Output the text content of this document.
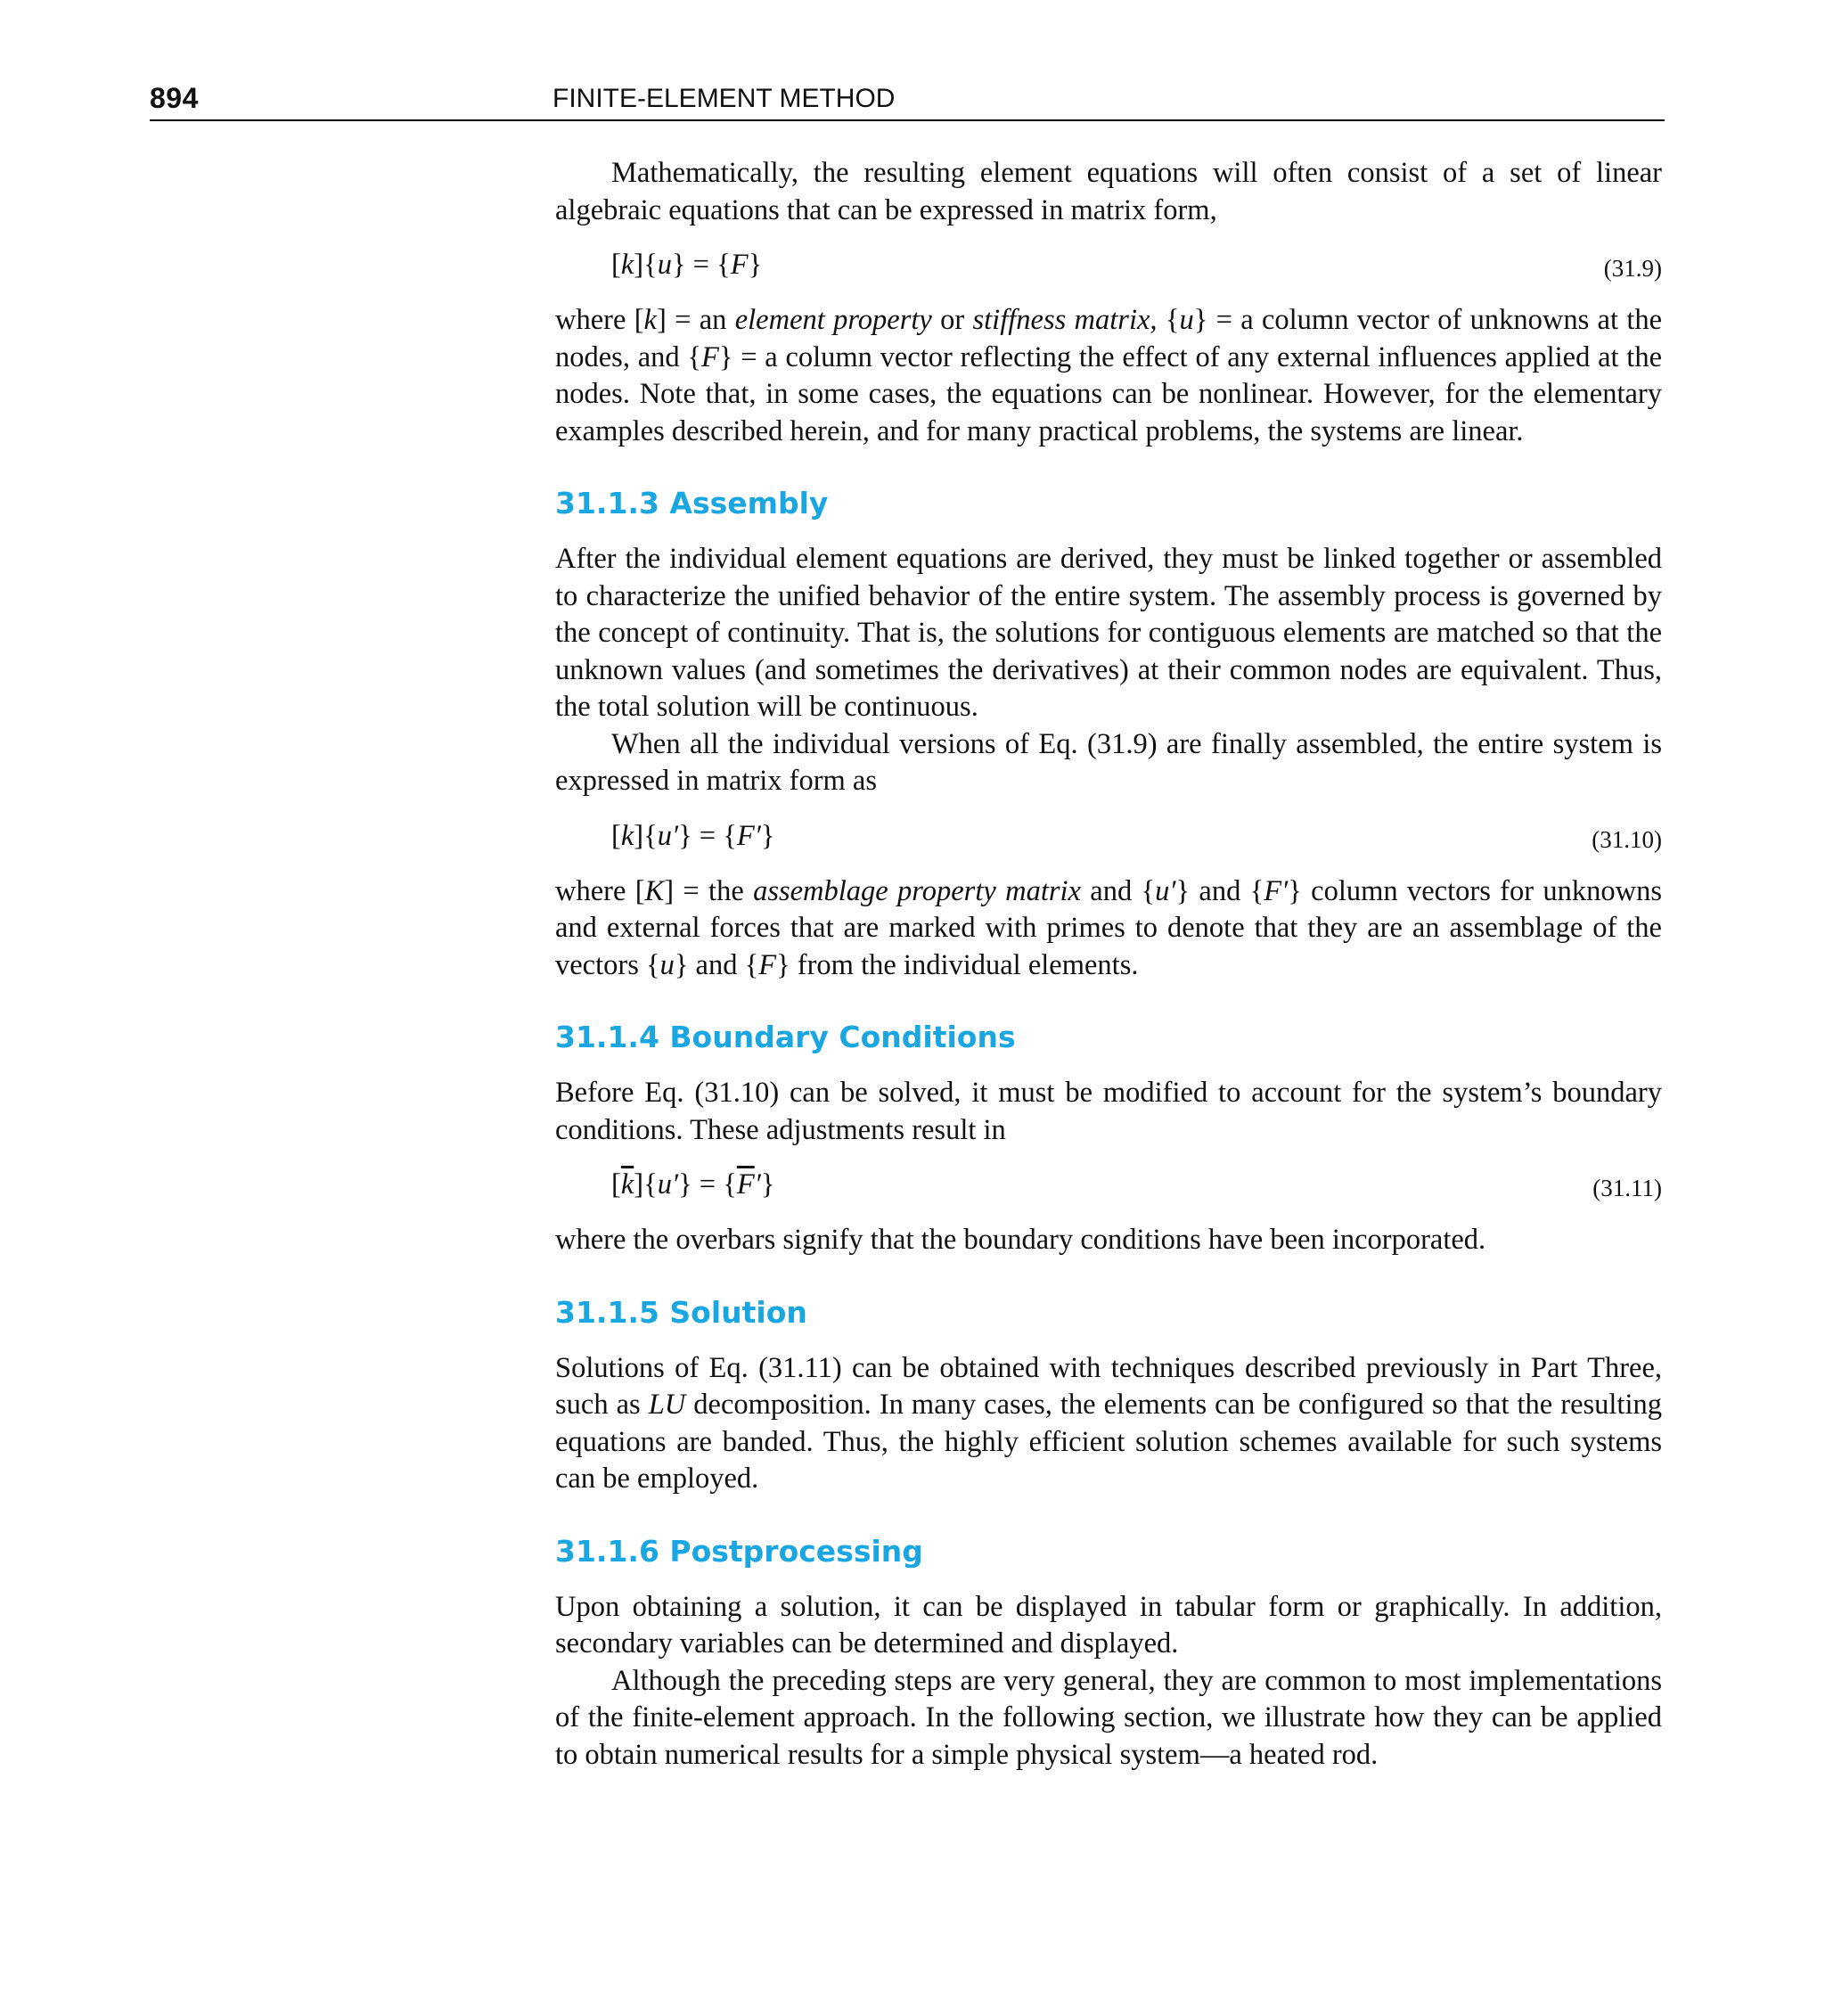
894	FINITE-ELEMENT METHOD

Mathematically, the resulting element equations will often consist of a set of linear algebraic equations that can be expressed in matrix form,

[k]{u} = {F}	(31.9)

where [k] = an element property or stiffness matrix, {u} = a column vector of unknowns at the nodes, and {F} = a column vector reflecting the effect of any external influences applied at the nodes. Note that, in some cases, the equations can be nonlinear. However, for the elementary examples described herein, and for many practical problems, the systems are linear.

31.1.3 Assembly

After the individual element equations are derived, they must be linked together or assembled to characterize the unified behavior of the entire system. The assembly process is governed by the concept of continuity. That is, the solutions for contiguous elements are matched so that the unknown values (and sometimes the derivatives) at their common nodes are equivalent. Thus, the total solution will be continuous.

When all the individual versions of Eq. (31.9) are finally assembled, the entire system is expressed in matrix form as

[k]{u′} = {F′}	(31.10)

where [K] = the assemblage property matrix and {u′} and {F′} column vectors for unknowns and external forces that are marked with primes to denote that they are an assemblage of the vectors {u} and {F} from the individual elements.

31.1.4 Boundary Conditions

Before Eq. (31.10) can be solved, it must be modified to account for the system’s boundary conditions. These adjustments result in

$[\overline{k}]\{u'\} = \{\overline{F}'\}$	(31.11)

where the overbars signify that the boundary conditions have been incorporated.

31.1.5 Solution

Solutions of Eq. (31.11) can be obtained with techniques described previously in Part Three, such as LU decomposition. In many cases, the elements can be configured so that the resulting equations are banded. Thus, the highly efficient solution schemes available for such systems can be employed.

31.1.6 Postprocessing

Upon obtaining a solution, it can be displayed in tabular form or graphically. In addition, secondary variables can be determined and displayed.

Although the preceding steps are very general, they are common to most implementations of the finite-element approach. In the following section, we illustrate how they can be applied to obtain numerical results for a simple physical system—a heated rod.
